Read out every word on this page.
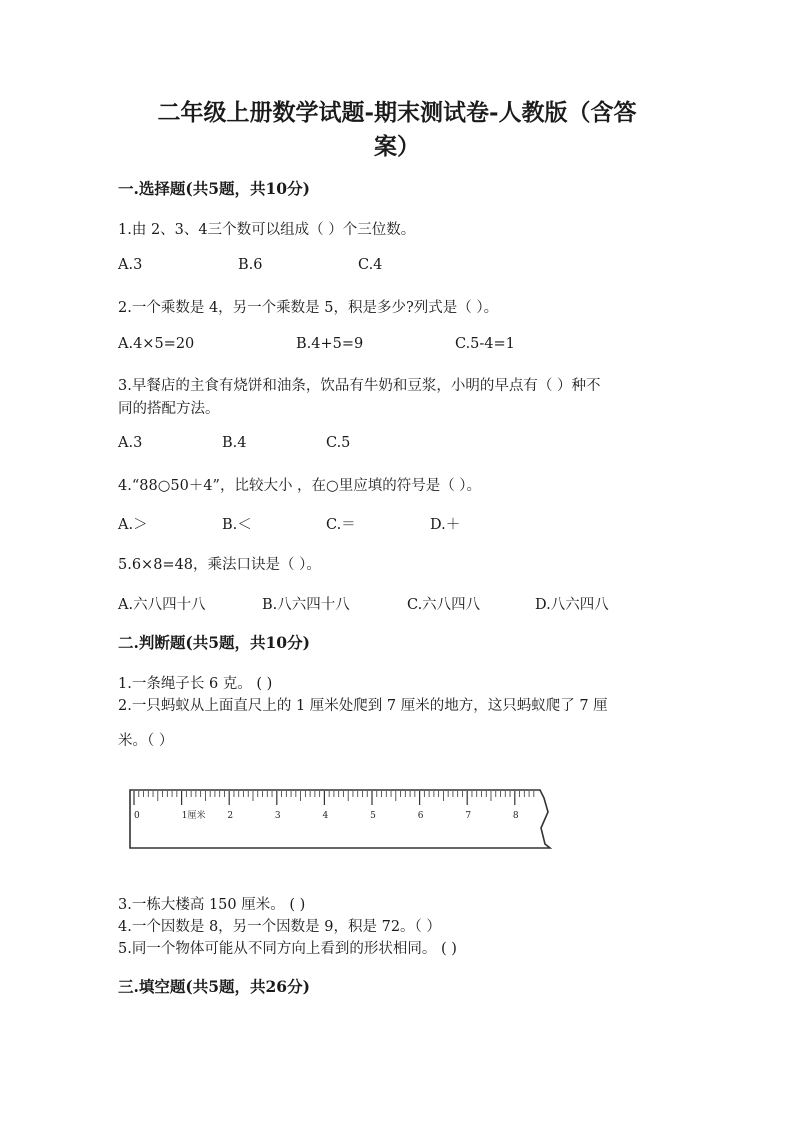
二年级上册数学试题-期末测试卷-人教版（含答
案）
一.选择题(共5题，共10分)
1.由 2、3、4三个数可以组成（ ）个三位数。
A.3	B.6	C.4
2.一个乘数是 4，另一个乘数是 5，积是多少?列式是（ ）。
A.4×5=20	B.4+5=9	C.5-4=1
3.早餐店的主食有烧饼和油条，饮品有牛奶和豆浆，小明的早点有（ ）种不
同的搭配方法。
A.3	B.4	C.5
4.“88○50＋4”，比较大小 ，在○里应填的符号是（ ）。
A.＞	B.＜	C.＝	D.＋
5.6×8=48，乘法口诀是（ ）。
A.六八四十八	B.八六四十八	C.六八四八	D.八六四八
二.判断题(共5题，共10分)
1.一条绳子长 6 克。 ( )
2.一只蚂蚁从上面直尺上的 1 厘米处爬到 7 厘米的地方，这只蚂蚁爬了 7 厘
米。（ ）
0	1厘米 2	3	4	5	6	7	8
3.一栋大楼高 150 厘米。 ( )
4.一个因数是 8，另一个因数是 9，积是 72。（ ）
5.同一个物体可能从不同方向上看到的形状相同。 ( )
三.填空题(共5题，共26分)
